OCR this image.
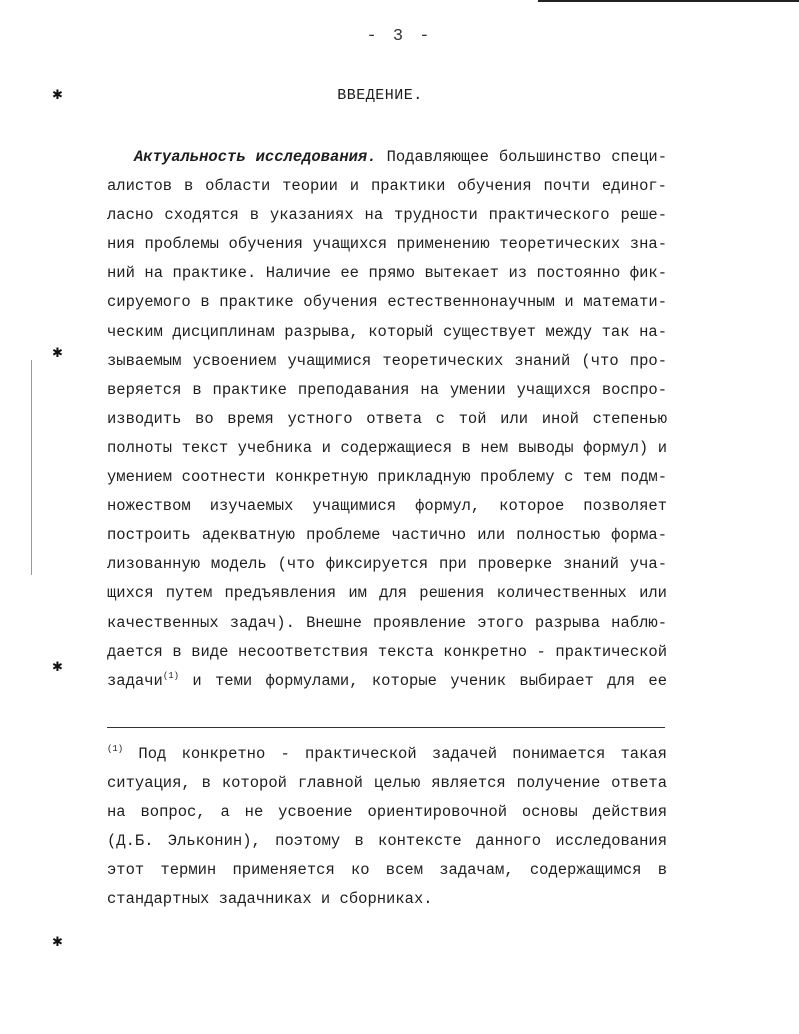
- 3 -
ВВЕДЕНИЕ.
✱
✱
✱
✱
Актуальность исследования. Подавляющее большинство специ-
алистов в области теории и практики обучения почти единог-
ласно сходятся в указаниях на трудности практического реше-
ния проблемы обучения учащихся применению теоретических зна-
ний на практике. Наличие ее прямо вытекает из постоянно фик-
сируемого в практике обучения естественнонаучным и математи-
ческим дисциплинам разрыва, который существует между так на-
зываемым усвоением учащимися теоретических знаний (что про-
веряется в практике преподавания на умении учащихся воспро-
изводить во время устного ответа с той или иной степенью
полноты текст учебника и содержащиеся в нем выводы формул) и
умением соотнести конкретную прикладную проблему с тем подм-
ножеством изучаемых учащимися формул, которое позволяет
построить адекватную проблеме частично или полностью форма-
лизованную модель (что фиксируется при проверке знаний уча-
щихся путем предъявления им для решения количественных или
качественных задач). Внешне проявление этого разрыва наблю-
дается в виде несоответствия текста конкретно - практической
задачи$^{(1)}$ и теми формулами, которые ученик выбирает для ее
$^{(1)}$ Под конкретно - практической задачей понимается такая
ситуация, в которой главной целью является получение ответа
на вопрос, а не усвоение ориентировочной основы действия
(Д.Б. Эльконин), поэтому в контексте данного исследования
этот термин применяется ко всем задачам, содержащимся в
стандартных задачниках и сборниках.
